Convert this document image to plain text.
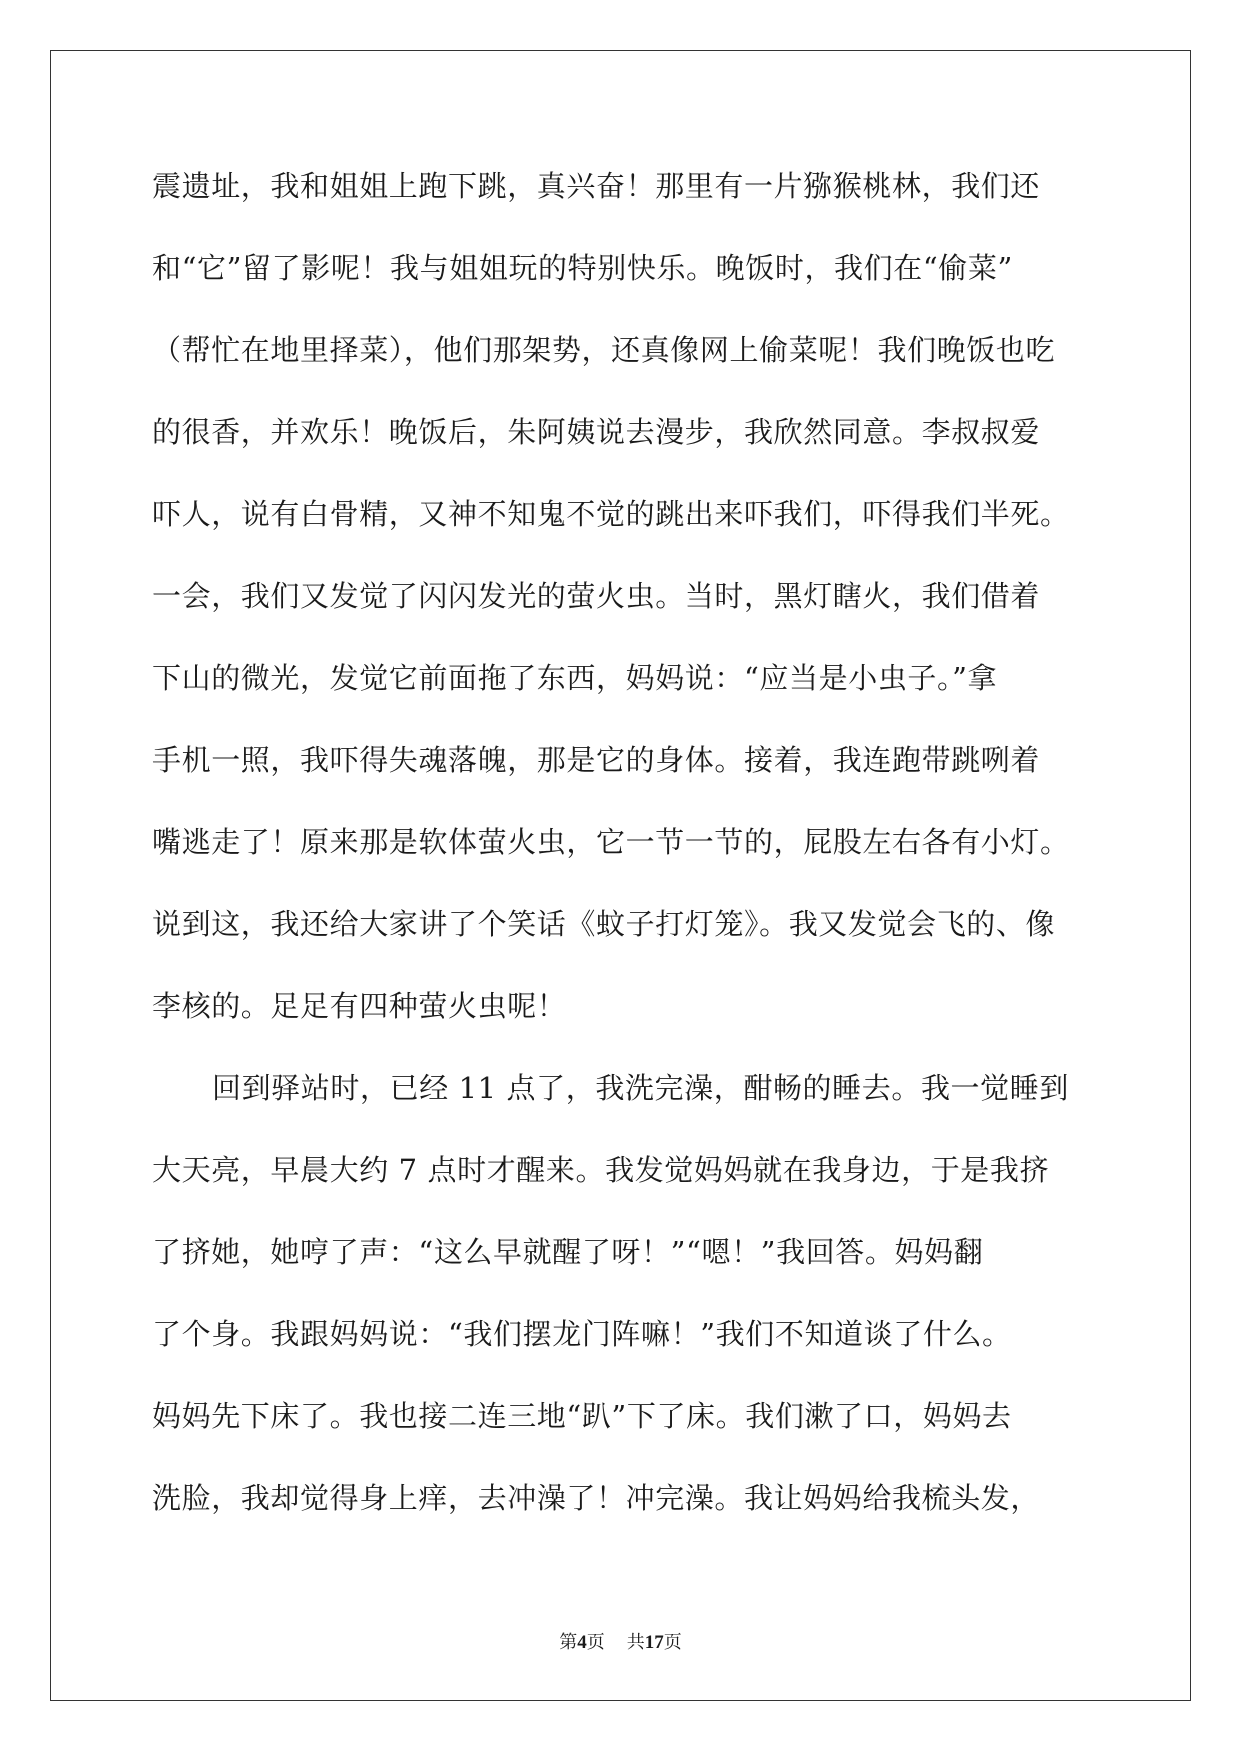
震遗址，我和姐姐上跑下跳，真兴奋！那里有一片猕猴桃林，我们还
和“它”留了影呢！我与姐姐玩的特别快乐。晚饭时，我们在“偷菜”
（帮忙在地里择菜），他们那架势，还真像网上偷菜呢！我们晚饭也吃
的很香，并欢乐！晚饭后，朱阿姨说去漫步，我欣然同意。李叔叔爱
吓人，说有白骨精，又神不知鬼不觉的跳出来吓我们，吓得我们半死。
一会，我们又发觉了闪闪发光的萤火虫。当时，黑灯瞎火，我们借着
下山的微光，发觉它前面拖了东西，妈妈说：“应当是小虫子。”拿
手机一照，我吓得失魂落魄，那是它的身体。接着，我连跑带跳咧着
嘴逃走了！原来那是软体萤火虫，它一节一节的，屁股左右各有小灯。
说到这，我还给大家讲了个笑话《蚊子打灯笼》。我又发觉会飞的、像
李核的。足足有四种萤火虫呢！
回到驿站时，已经 11 点了，我洗完澡，酣畅的睡去。我一觉睡到
大天亮，早晨大约 7 点时才醒来。我发觉妈妈就在我身边，于是我挤
了挤她，她哼了声：“这么早就醒了呀！”“嗯！”我回答。妈妈翻
了个身。我跟妈妈说：“我们摆龙门阵嘛！”我们不知道谈了什么。
妈妈先下床了。我也接二连三地“趴”下了床。我们漱了口，妈妈去
洗脸，我却觉得身上痒，去冲澡了！冲完澡。我让妈妈给我梳头发，
第4页 共17页
